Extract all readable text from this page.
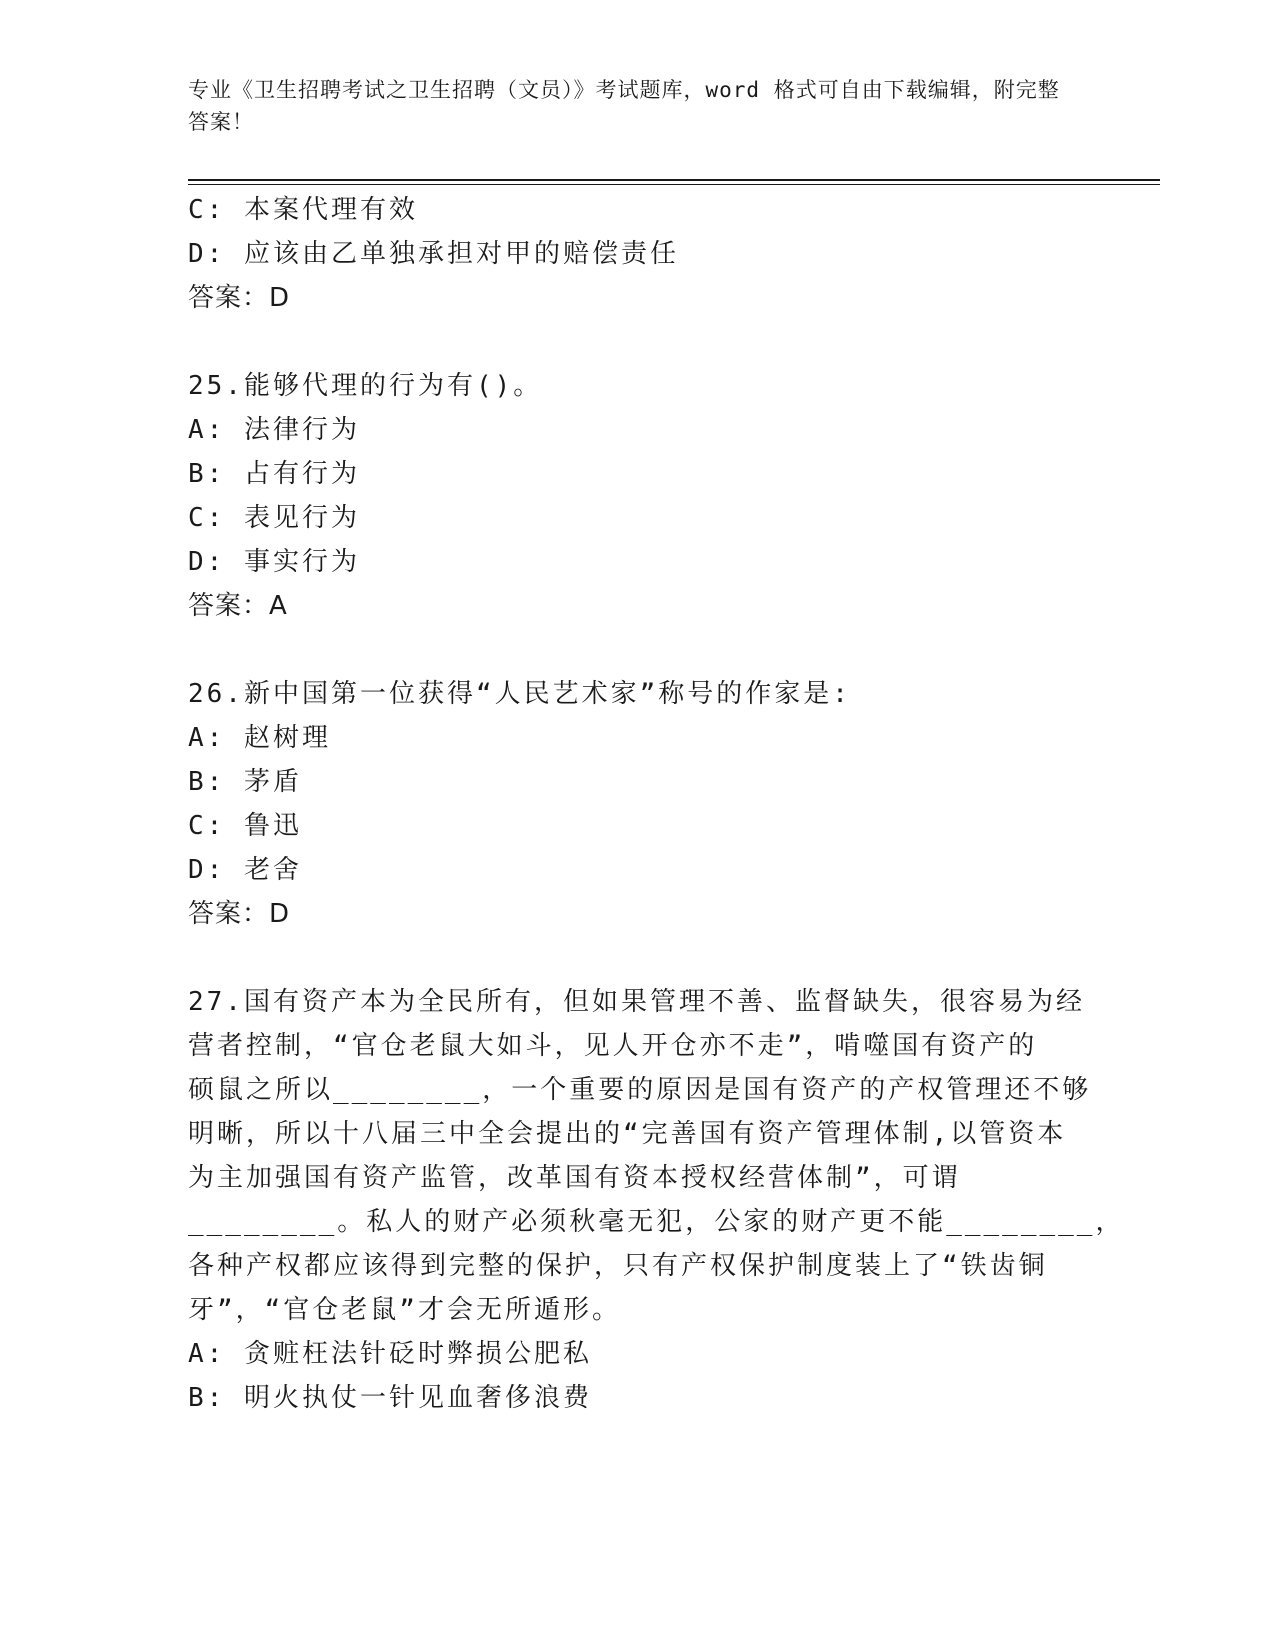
专业《卫生招聘考试之卫生招聘（文员）》考试题库，word 格式可自由下载编辑，附完整答案！
C: 本案代理有效
D: 应该由乙单独承担对甲的赔偿责任
答案：D
25.能够代理的行为有()。
A: 法律行为
B: 占有行为
C: 表见行为
D: 事实行为
答案：A
26.新中国第一位获得“人民艺术家”称号的作家是:
A: 赵树理
B: 茅盾
C: 鲁迅
D: 老舍
答案：D
27.国有资产本为全民所有，但如果管理不善、监督缺失，很容易为经
营者控制，“官仓老鼠大如斗，见人开仓亦不走”，啃噬国有资产的
硕鼠之所以________，一个重要的原因是国有资产的产权管理还不够
明晰，所以十八届三中全会提出的“完善国有资产管理体制,以管资本
为主加强国有资产监管，改革国有资本授权经营体制”，可谓
________。私人的财产必须秋毫无犯，公家的财产更不能________，
各种产权都应该得到完整的保护，只有产权保护制度装上了“铁齿铜
牙”，“官仓老鼠”才会无所遁形。
A: 贪赃枉法针砭时弊损公肥私
B: 明火执仗一针见血奢侈浪费
